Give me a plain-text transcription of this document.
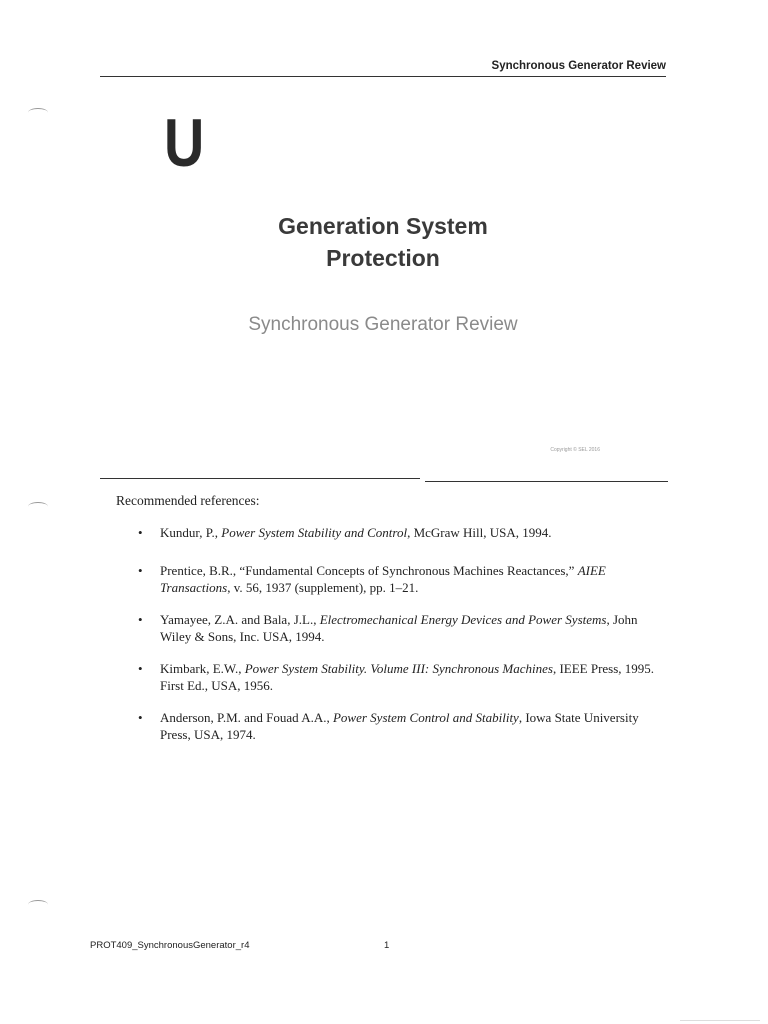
Synchronous Generator Review
U
Generation System
Protection
Synchronous Generator Review
Copyright © SEL 2016
Recommended references:
• Kundur, P., Power System Stability and Control, McGraw Hill, USA, 1994.
• Prentice, B.R., “Fundamental Concepts of Synchronous Machines Reactances,” AIEE Transactions, v. 56, 1937 (supplement), pp. 1–21.
• Yamayee, Z.A. and Bala, J.L., Electromechanical Energy Devices and Power Systems, John Wiley & Sons, Inc. USA, 1994.
• Kimbark, E.W., Power System Stability. Volume III: Synchronous Machines, IEEE Press, 1995. First Ed., USA, 1956.
• Anderson, P.M. and Fouad A.A., Power System Control and Stability, Iowa State University Press, USA, 1974.
PROT409_SynchronousGenerator_r4	1
